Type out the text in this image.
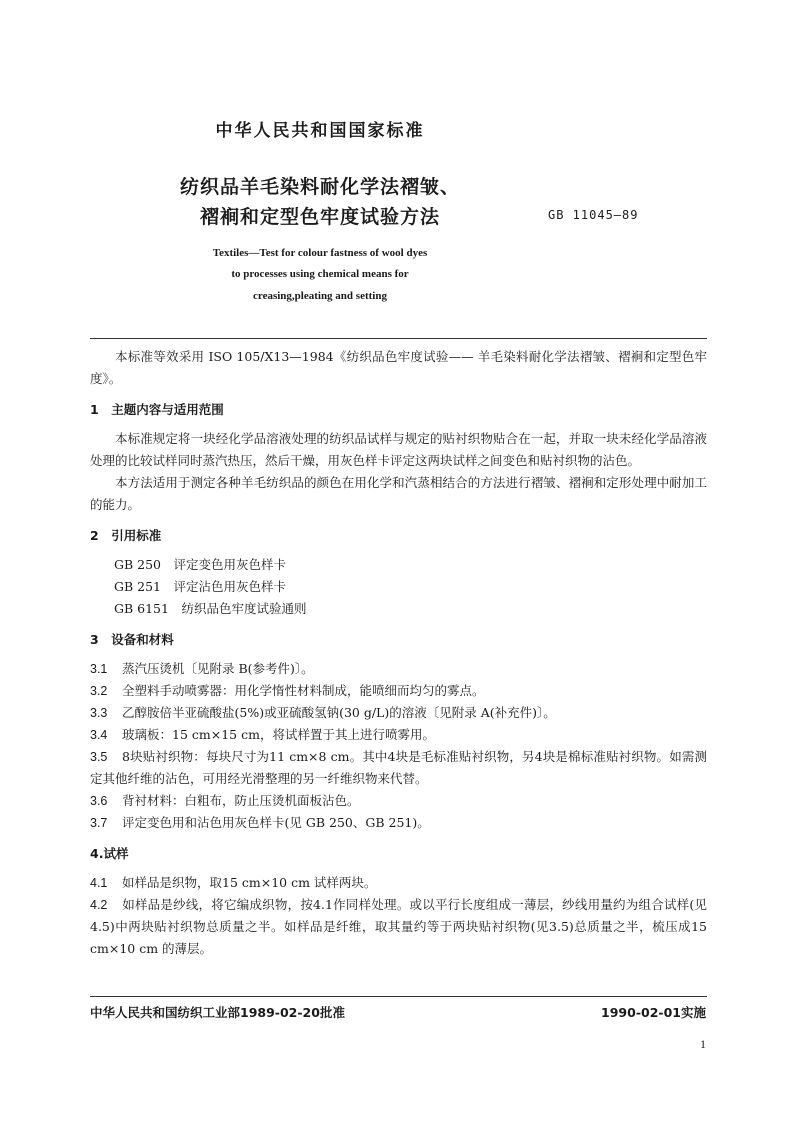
中华人民共和国国家标准
纺织品羊毛染料耐化学法褶皱、
褶裥和定型色牢度试验方法	GB 11045—89
Textiles—Test for colour fastness of wool dyes
to processes using chemical means for
creasing,pleating and setting

本标准等效采用 ISO 105/X13—1984《纺织品色牢度试验—— 羊毛染料耐化学法褶皱、褶裥和定型色牢度》。

1　主题内容与适用范围

本标准规定将一块经化学品溶液处理的纺织品试样与规定的贴衬织物贴合在一起，并取一块未经化学品溶液处理的比较试样同时蒸汽热压，然后干燥，用灰色样卡评定这两块试样之间变色和贴衬织物的沾色。

本方法适用于测定各种羊毛纺织品的颜色在用化学和汽蒸相结合的方法进行褶皱、褶裥和定形处理中耐加工的能力。

2　引用标准
GB 250　评定变色用灰色样卡
GB 251　评定沾色用灰色样卡
GB 6151　纺织品色牢度试验通则
3　设备和材料
3.1 蒸汽压烫机〔见附录 B(参考件)〕。
3.2 全塑料手动喷雾器：用化学惰性材料制成，能喷细而均匀的雾点。
3.3 乙醇胺倍半亚硫酸盐(5%)或亚硫酸氢钠(30 g/L)的溶液〔见附录 A(补充件)〕。
3.4 玻璃板：15 cm×15 cm，将试样置于其上进行喷雾用。
3.5 8块贴衬织物：每块尺寸为11 cm×8 cm。其中4块是毛标准贴衬织物，另4块是棉标准贴衬织物。如需测定其他纤维的沾色，可用经光滑整理的另一纤维织物来代替。
3.6 背衬材料：白粗布，防止压烫机面板沾色。
3.7 评定变色用和沾色用灰色样卡(见 GB 250、GB 251)。
4.试样
4.1 如样品是织物，取15 cm×10 cm 试样两块。
4.2 如样品是纱线，将它编成织物，按4.1作同样处理。或以平行长度组成一薄层，纱线用量约为组合试样(见4.5)中两块贴衬织物总质量之半。如样品是纤维，取其量约等于两块贴衬织物(见3.5)总质量之半，梳压成15 cm×10 cm 的薄层。
中华人民共和国纺织工业部1989-02-20批准	1990-02-01实施
1
